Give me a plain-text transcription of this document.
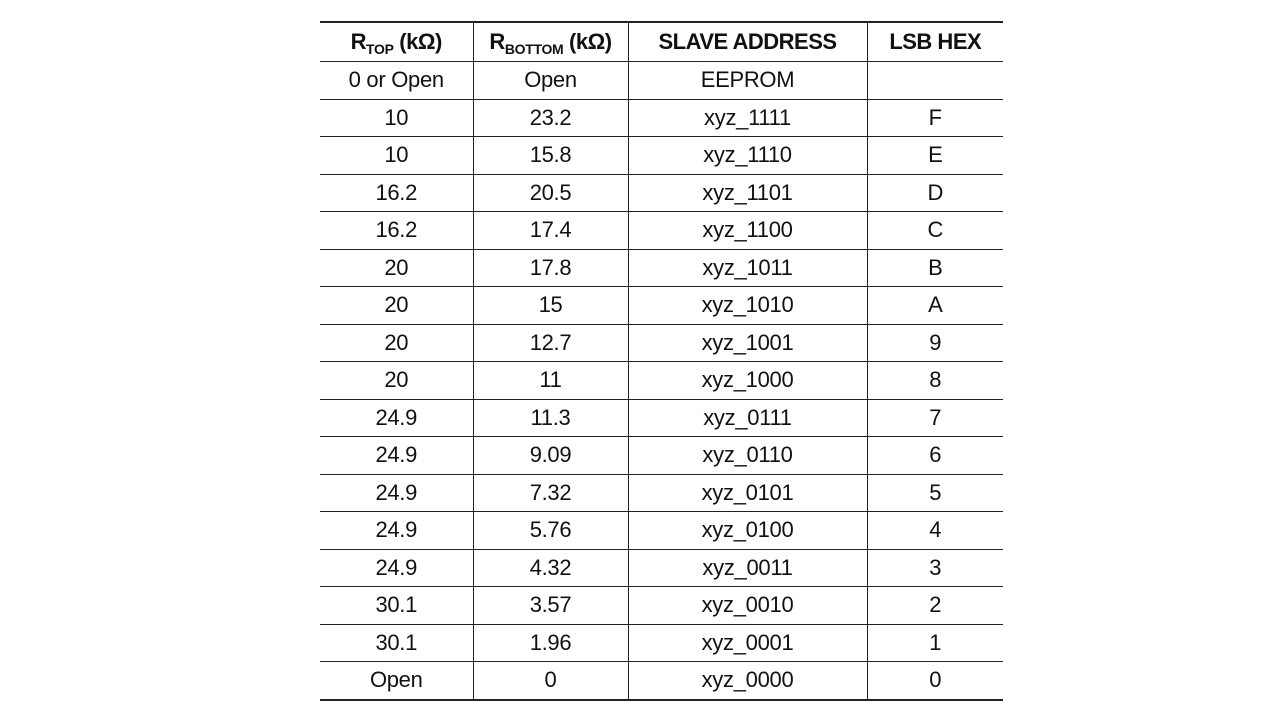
$R_{TOP}$ (kΩ)	$R_{BOTTOM}$ (kΩ)	SLAVE ADDRESS	LSB HEX
0 or Open	Open	EEPROM	
10	23.2	xyz_1111	F
10	15.8	xyz_1110	E
16.2	20.5	xyz_1101	D
16.2	17.4	xyz_1100	C
20	17.8	xyz_1011	B
20	15	xyz_1010	A
20	12.7	xyz_1001	9
20	11	xyz_1000	8
24.9	11.3	xyz_0111	7
24.9	9.09	xyz_0110	6
24.9	7.32	xyz_0101	5
24.9	5.76	xyz_0100	4
24.9	4.32	xyz_0011	3
30.1	3.57	xyz_0010	2
30.1	1.96	xyz_0001	1
Open	0	xyz_0000	0
